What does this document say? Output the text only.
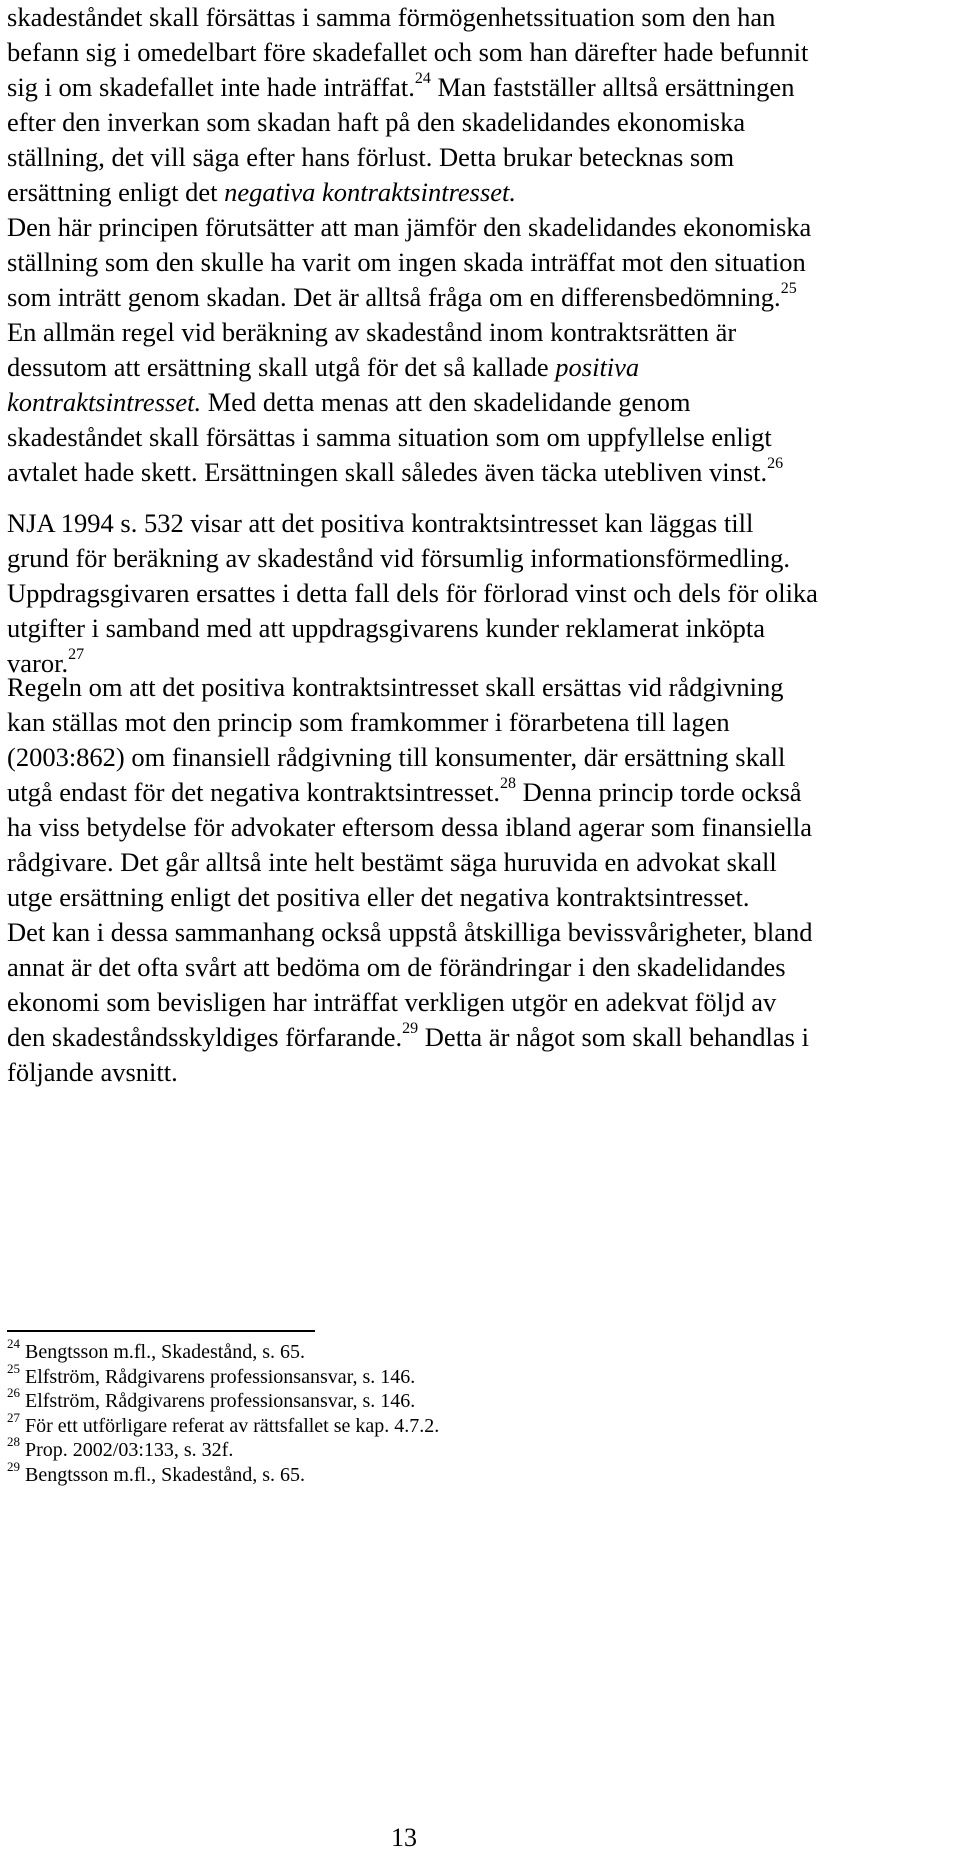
skadeståndet skall försättas i samma förmögenhetssituation som den han
befann sig i omedelbart före skadefallet och som han därefter hade befunnit
sig i om skadefallet inte hade inträffat.$^{24}$ Man fastställer alltså ersättningen
efter den inverkan som skadan haft på den skadelidandes ekonomiska
ställning, det vill säga efter hans förlust. Detta brukar betecknas som
ersättning enligt det negativa kontraktsintresset.

Den här principen förutsätter att man jämför den skadelidandes ekonomiska
ställning som den skulle ha varit om ingen skada inträffat mot den situation
som inträtt genom skadan. Det är alltså fråga om en differensbedömning.$^{25}$

En allmän regel vid beräkning av skadestånd inom kontraktsrätten är
dessutom att ersättning skall utgå för det så kallade positiva
kontraktsintresset. Med detta menas att den skadelidande genom
skadeståndet skall försättas i samma situation som om uppfyllelse enligt
avtalet hade skett. Ersättningen skall således även täcka utebliven vinst.$^{26}$

NJA 1994 s. 532 visar att det positiva kontraktsintresset kan läggas till
grund för beräkning av skadestånd vid försumlig informationsförmedling.
Uppdragsgivaren ersattes i detta fall dels för förlorad vinst och dels för olika
utgifter i samband med att uppdragsgivarens kunder reklamerat inköpta
varor.$^{27}$

Regeln om att det positiva kontraktsintresset skall ersättas vid rådgivning
kan ställas mot den princip som framkommer i förarbetena till lagen
(2003:862) om finansiell rådgivning till konsumenter, där ersättning skall
utgå endast för det negativa kontraktsintresset.$^{28}$ Denna princip torde också
ha viss betydelse för advokater eftersom dessa ibland agerar som finansiella
rådgivare. Det går alltså inte helt bestämt säga huruvida en advokat skall
utge ersättning enligt det positiva eller det negativa kontraktsintresset.

Det kan i dessa sammanhang också uppstå åtskilliga bevissvårigheter, bland
annat är det ofta svårt att bedöma om de förändringar i den skadelidandes
ekonomi som bevisligen har inträffat verkligen utgör en adekvat följd av
den skadeståndsskyldiges förfarande.$^{29}$ Detta är något som skall behandlas i
följande avsnitt.

$^{24}$ Bengtsson m.fl., Skadestånd, s. 65.
$^{25}$ Elfström, Rådgivarens professionsansvar, s. 146.
$^{26}$ Elfström, Rådgivarens professionsansvar, s. 146.
$^{27}$ För ett utförligare referat av rättsfallet se kap. 4.7.2.
$^{28}$ Prop. 2002/03:133, s. 32f.
$^{29}$ Bengtsson m.fl., Skadestånd, s. 65.
13
